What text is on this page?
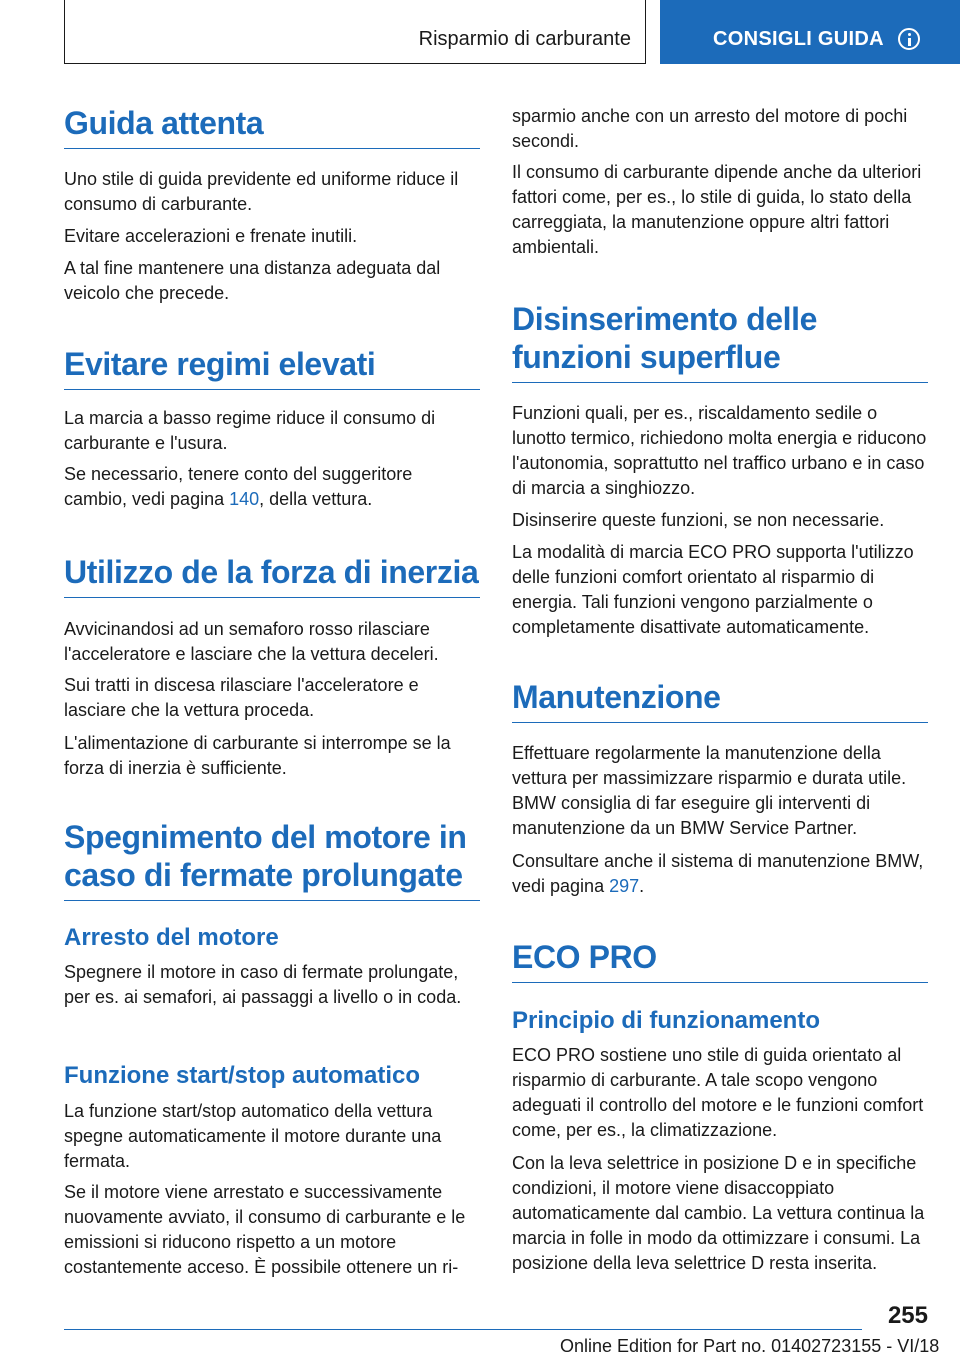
Risparmio di carburante	CONSIGLI GUIDA
Guida attenta

Uno stile di guida previdente ed uniforme riduce il consumo di carburante.

Evitare accelerazioni e frenate inutili.

A tal fine mantenere una distanza adeguata dal veicolo che precede.

Evitare regimi elevati

La marcia a basso regime riduce il consumo di carburante e l'usura.

Se necessario, tenere conto del suggeritore cambio, vedi pagina 140, della vettura.

Utilizzo de la forza di inerzia

Avvicinandosi ad un semaforo rosso rilasciare l'acceleratore e lasciare che la vettura deceleri.

Sui tratti in discesa rilasciare l'acceleratore e lasciare che la vettura proceda.

L'alimentazione di carburante si interrompe se la forza di inerzia è sufficiente.

Spegnimento del motore in
caso di fermate prolungate
Arresto del motore

Spegnere il motore in caso di fermate prolungate, per es. ai semafori, ai passaggi a livello o in coda.

Funzione start/stop automatico

La funzione start/stop automatico della vettura spegne automaticamente il motore durante una fermata.

Se il motore viene arrestato e successivamente nuovamente avviato, il consumo di carburante e le emissioni si riducono rispetto a un motore costantemente acceso. È possibile ottenere un ri-

sparmio anche con un arresto del motore di pochi secondi.

Il consumo di carburante dipende anche da ulteriori fattori come, per es., lo stile di guida, lo stato della carreggiata, la manutenzione oppure altri fattori ambientali.

Disinserimento delle
funzioni superflue

Funzioni quali, per es., riscaldamento sedile o lunotto termico, richiedono molta energia e riducono l'autonomia, soprattutto nel traffico urbano e in caso di marcia a singhiozzo.

Disinserire queste funzioni, se non necessarie.

La modalità di marcia ECO PRO supporta l'utilizzo delle funzioni comfort orientato al risparmio di energia. Tali funzioni vengono parzialmente o completamente disattivate automaticamente.

Manutenzione

Effettuare regolarmente la manutenzione della vettura per massimizzare risparmio e durata utile. BMW consiglia di far eseguire gli interventi di manutenzione da un BMW Service Partner.

Consultare anche il sistema di manutenzione BMW, vedi pagina 297.

ECO PRO
Principio di funzionamento

ECO PRO sostiene uno stile di guida orientato al risparmio di carburante. A tale scopo vengono adeguati il controllo del motore e le funzioni comfort come, per es., la climatizzazione.

Con la leva selettrice in posizione D e in specifiche condizioni, il motore viene disaccoppiato automaticamente dal cambio. La vettura continua la marcia in folle in modo da ottimizzare i consumi. La posizione della leva selettrice D resta inserita.

255
Online Edition for Part no. 01402723155 - VI/18
